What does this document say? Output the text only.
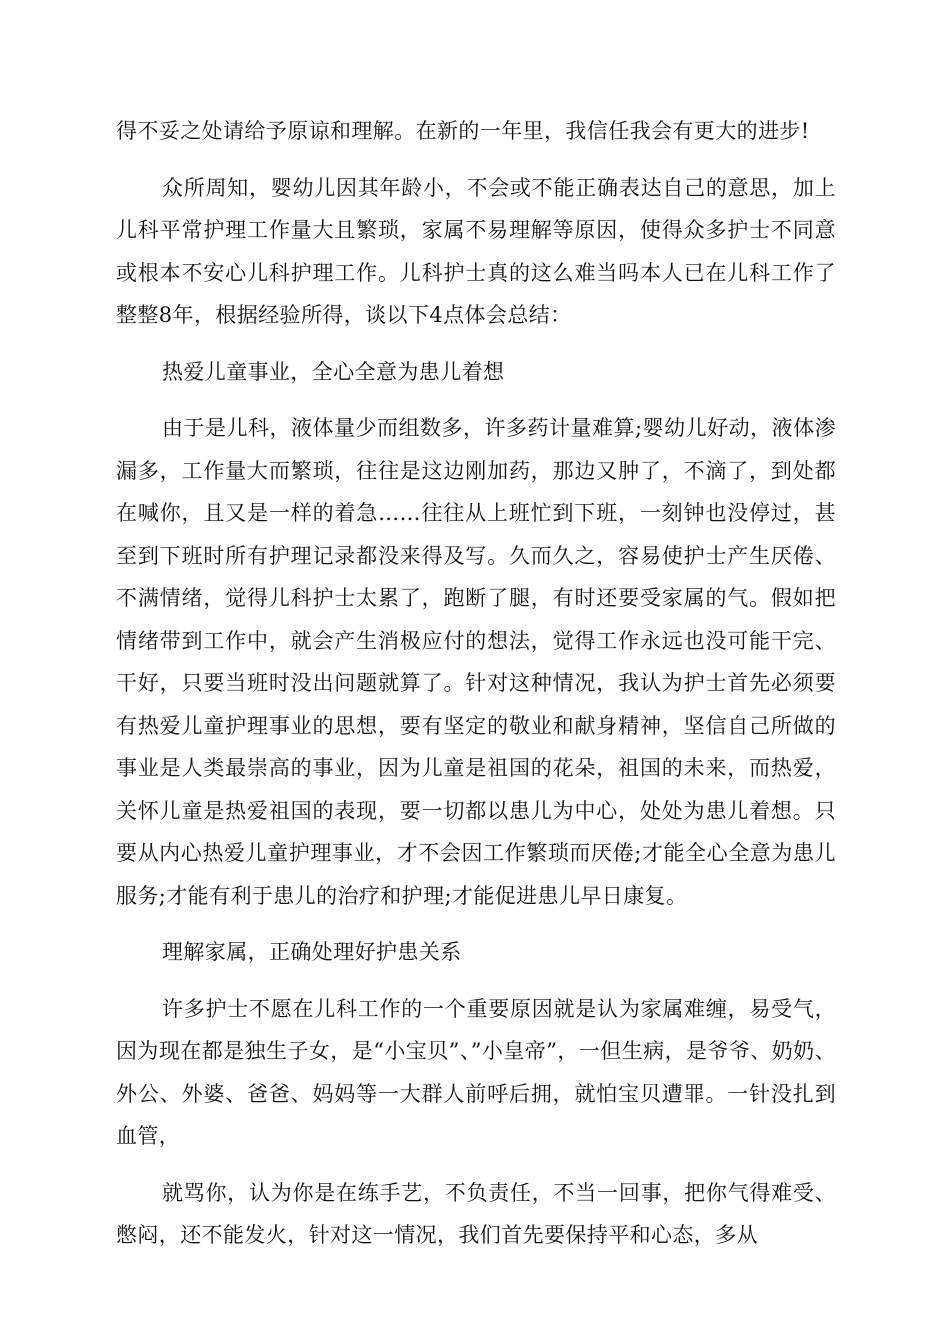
得不妥之处请给予原谅和理解。在新的一年里，我信任我会有更大的进步!

众所周知，婴幼儿因其年龄小，不会或不能正确表达自己的意思，加上儿科平常护理工作量大且繁琐，家属不易理解等原因，使得众多护士不同意或根本不安心儿科护理工作。儿科护士真的这么难当吗本人已在儿科工作了整整8年，根据经验所得，谈以下4点体会总结：

热爱儿童事业，全心全意为患儿着想

由于是儿科，液体量少而组数多，许多药计量难算;婴幼儿好动，液体渗漏多，工作量大而繁琐，往往是这边刚加药，那边又肿了，不滴了，到处都在喊你，且又是一样的着急……往往从上班忙到下班，一刻钟也没停过，甚至到下班时所有护理记录都没来得及写。久而久之，容易使护士产生厌倦、不满情绪，觉得儿科护士太累了，跑断了腿，有时还要受家属的气。假如把情绪带到工作中，就会产生消极应付的想法，觉得工作永远也没可能干完、干好，只要当班时没出问题就算了。针对这种情况，我认为护士首先必须要有热爱儿童护理事业的思想，要有坚定的敬业和献身精神，坚信自己所做的事业是人类最崇高的事业，因为儿童是祖国的花朵，祖国的未来，而热爱，关怀儿童是热爱祖国的表现，要一切都以患儿为中心，处处为患儿着想。只要从内心热爱儿童护理事业，才不会因工作繁琐而厌倦;才能全心全意为患儿服务;才能有利于患儿的治疗和护理;才能促进患儿早日康复。

理解家属，正确处理好护患关系

许多护士不愿在儿科工作的一个重要原因就是认为家属难缠，易受气，因为现在都是独生子女，是“小宝贝”、”小皇帝”，一但生病，是爷爷、奶奶、外公、外婆、爸爸、妈妈等一大群人前呼后拥，就怕宝贝遭罪。一针没扎到血管，

就骂你，认为你是在练手艺，不负责任，不当一回事，把你气得难受、憋闷，还不能发火，针对这一情况，我们首先要保持平和心态，多从
